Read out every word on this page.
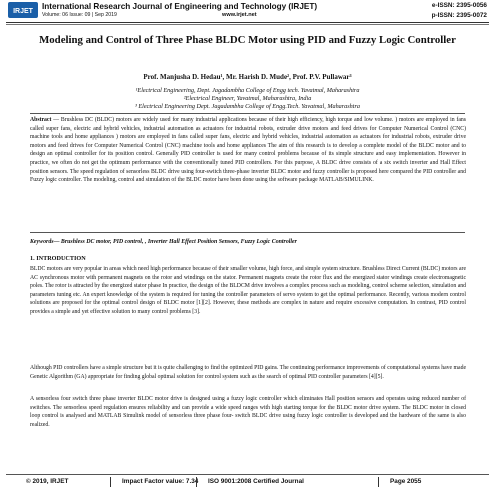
IRJET
International Research Journal of Engineering and Technology (IRJET)
Volume: 06 Issue: 09 | Sep 2019	www.irjet.net
e-ISSN: 2395-0056
p-ISSN: 2395-0072
Modeling and Control of Three Phase BLDC Motor using PID and Fuzzy Logic Controller
Prof. Manjusha D. Hedau¹, Mr. Harish D. Mude², Prof. P.V. Pullawar³
¹Electrical Engineering, Dept. Jagadambha College of Engg tech. Yavatmal, Maharashtra
²Electrical Engineer, Yavatmal, Maharashtra, India
³ Electrical Engineering Dept. Jagadambha College of Engg.Tech. Yavatmal, Maharashtra
Abstract — Brushless DC (BLDC) motors are widely used for many industrial applications because of their high efficiency, high torque and low volume. ) motors are employed in fans called super fans, electric and hybrid vehicles, industrial automation as actuators for industrial robots, extruder drive motors and feed drives for Computer Numerical Control (CNC) machine tools and home appliances ) motors are employed in fans called super fans, electric and hybrid vehicles, industrial automation as actuators for industrial robots, extruder drive motors and feed drives for Computer Numerical Control (CNC) machine tools and home appliances The aim of this research is to develop a complete model of the BLDC motor and to design an optimal controller for its position control. Generally PID controller is used for many control problems because of its simple structure and easy implementation. However in practice, we often do not get the optimum performance with the conventionally tuned PID controllers. For this purpose, A BLDC drive consists of a six switch inverter and Hall Effect position sensors. The speed regulation of sensorless BLDC drive using four-switch three-phase inverter BLDC motor and fuzzy controller is proposed here compared the PID controller and Fuzzy logic controller. The modeling, control and simulation of the BLDC motor have been done using the software package MATLAB/SIMULINK.
Keywords— Brushless DC motor, PID control, , Inverter Hall Effect Position Sensors, Fuzzy Logic Controller
1. INTRODUCTION
BLDC motors are very popular in areas which need high performance because of their smaller volume, high force, and simple system structure. Brushless Direct Current (BLDC) motors are AC synchronous motor with permanent magnets on the rotor and windings on the stator. Permanent magnets create the rotor flux and the energized stator windings create electromagnetic poles. The rotor is attracted by the energized stator phase In practice, the design of the BLDCM drive involves a complex process such as modeling, control scheme selection, simulation and parameters tuning etc. An expert knowledge of the system is required for tuning the controller parameters of servo system to get the optimal performance. Recently, various modern control solutions are proposed for the optimal control design of BLDC motor [1][2]. However, these methods are complex in nature and require excessive computation. In contrast, PID control provides a simple and yet effective solution to many control problems [3].
Although PID controllers have a simple structure but it is quite challenging to find the optimized PID gains. The continuing performance improvements of computational systems have made Genetic Algorithm (GA) appropriate for finding global optimal solution for control system such as the search of optimal PID controller parameters [4][5].
A sensorless four switch three phase inverter BLDC motor drive is designed using a fuzzy logic controller which eliminates Hall position sensors and operates using reduced number of switches. The sensorless speed regulation ensures reliability and can provide a wide speed ranges with high starting torque for the BLDC motor drive system. The BLDC motor in closed loop control is analysed and MATLAB Simulink model of sensorless three phase four- switch BLDC drive using fuzzy logic controller is developed and the hardware of the same is also realized.
© 2019, IRJET	Impact Factor value: 7.34 ISO 9001:2008 Certified Journal	Page 2055
